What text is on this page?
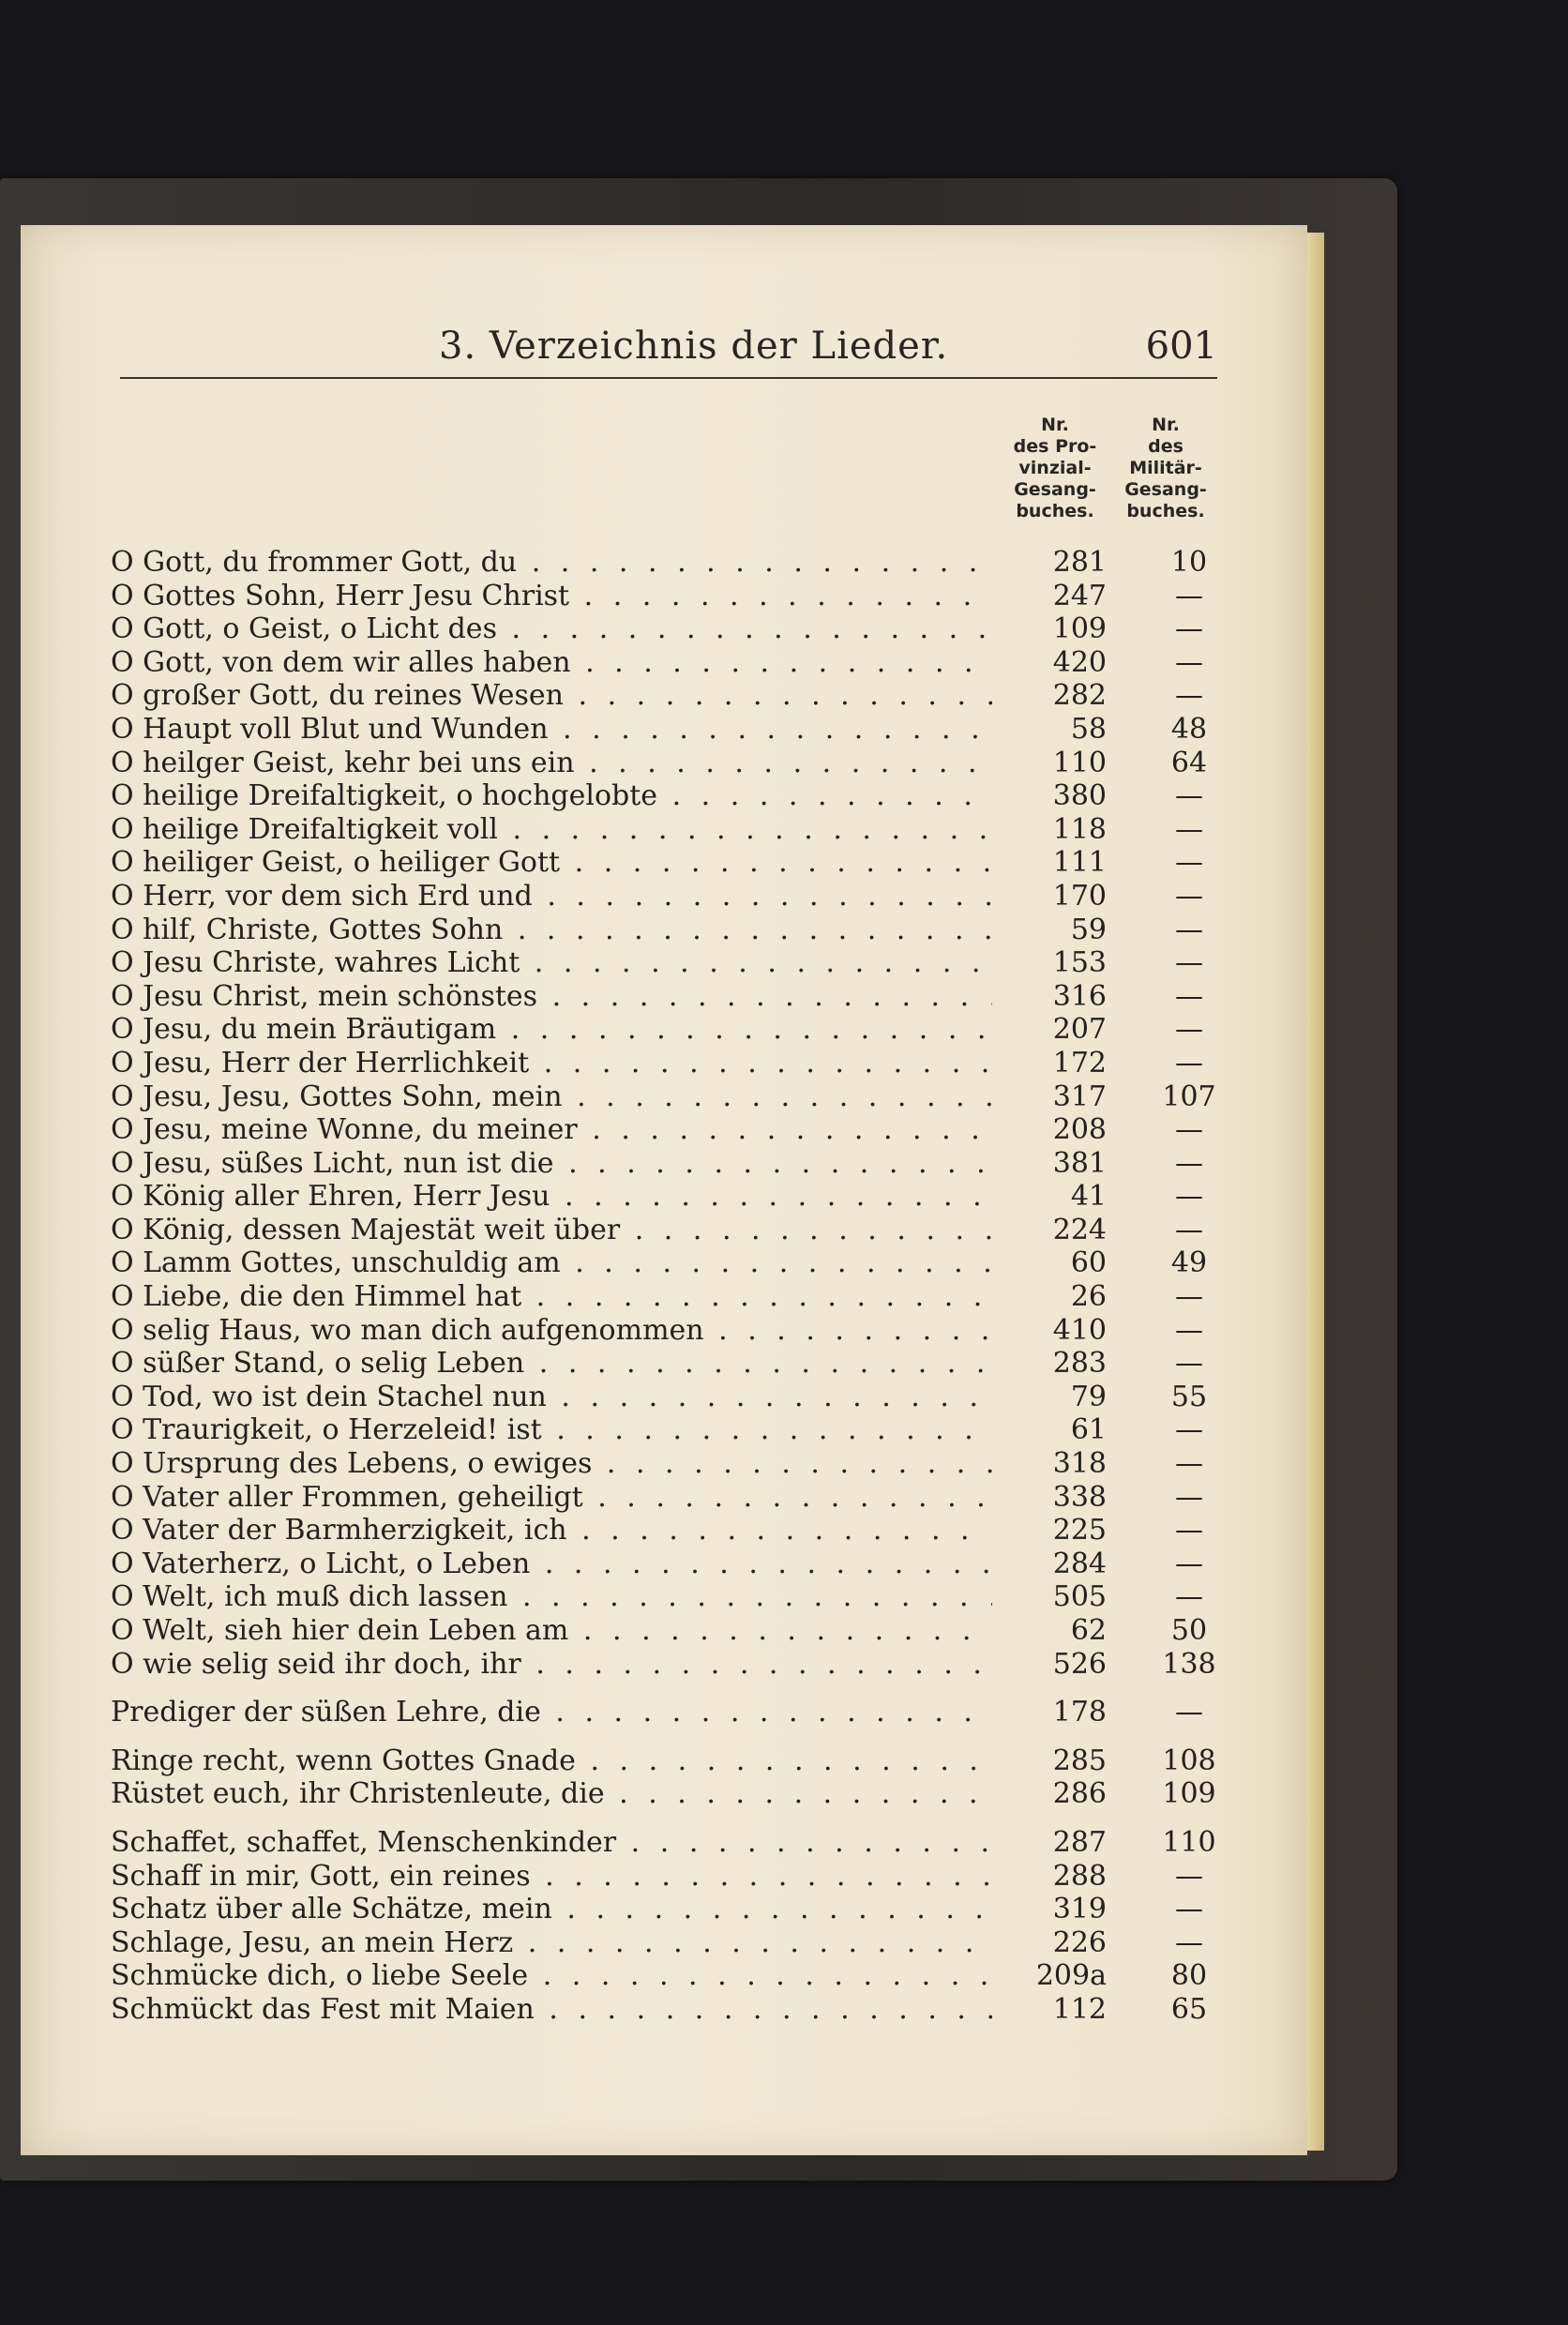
3. Verzeichnis der Lieder.	601
Nr.
des Pro-
vinzial-
Gesang-
buches.
Nr.
des
Militär-
Gesang-
buches.
O Gott, du frommer Gott, du . . .	281	10
O Gottes Sohn, Herr Jesu Christ . . .	247	—
O Gott, o Geist, o Licht des . . .	109	—
O Gott, von dem wir alles haben . . .	420	—
O großer Gott, du reines Wesen . . .	282	—
O Haupt voll Blut und Wunden . . .	58	48
O heilger Geist, kehr bei uns ein . . .	110	64
O heilige Dreifaltigkeit, o hochgelobte . . .	380	—
O heilige Dreifaltigkeit voll . . .	118	—
O heiliger Geist, o heiliger Gott . . .	111	—
O Herr, vor dem sich Erd und . . .	170	—
O hilf, Christe, Gottes Sohn . . .	59	—
O Jesu Christe, wahres Licht . . .	153	—
O Jesu Christ, mein schönstes . . .	316	—
O Jesu, du mein Bräutigam . . .	207	—
O Jesu, Herr der Herrlichkeit . . .	172	—
O Jesu, Jesu, Gottes Sohn, mein . . .	317	107
O Jesu, meine Wonne, du meiner . . .	208	—
O Jesu, süßes Licht, nun ist die . . .	381	—
O König aller Ehren, Herr Jesu . . .	41	—
O König, dessen Majestät weit über . . .	224	—
O Lamm Gottes, unschuldig am . . .	60	49
O Liebe, die den Himmel hat . . .	26	—
O selig Haus, wo man dich aufgenommen . . .	410	—
O süßer Stand, o selig Leben . . .	283	—
O Tod, wo ist dein Stachel nun . . .	79	55
O Traurigkeit, o Herzeleid! ist . . .	61	—
O Ursprung des Lebens, o ewiges . . .	318	—
O Vater aller Frommen, geheiligt . . .	338	—
O Vater der Barmherzigkeit, ich . . .	225	—
O Vaterherz, o Licht, o Leben . . .	284	—
O Welt, ich muß dich lassen . . .	505	—
O Welt, sieh hier dein Leben am . . .	62	50
O wie selig seid ihr doch, ihr . . .	526	138
Prediger der süßen Lehre, die . . .	178	—
Ringe recht, wenn Gottes Gnade . . .	285	108
Rüstet euch, ihr Christenleute, die . . .	286	109
Schaffet, schaffet, Menschenkinder . . .	287	110
Schaff in mir, Gott, ein reines . . .	288	—
Schatz über alle Schätze, mein . . .	319	—
Schlage, Jesu, an mein Herz . . .	226	—
Schmücke dich, o liebe Seele . . .	209a	80
Schmückt das Fest mit Maien . . .	112	65
